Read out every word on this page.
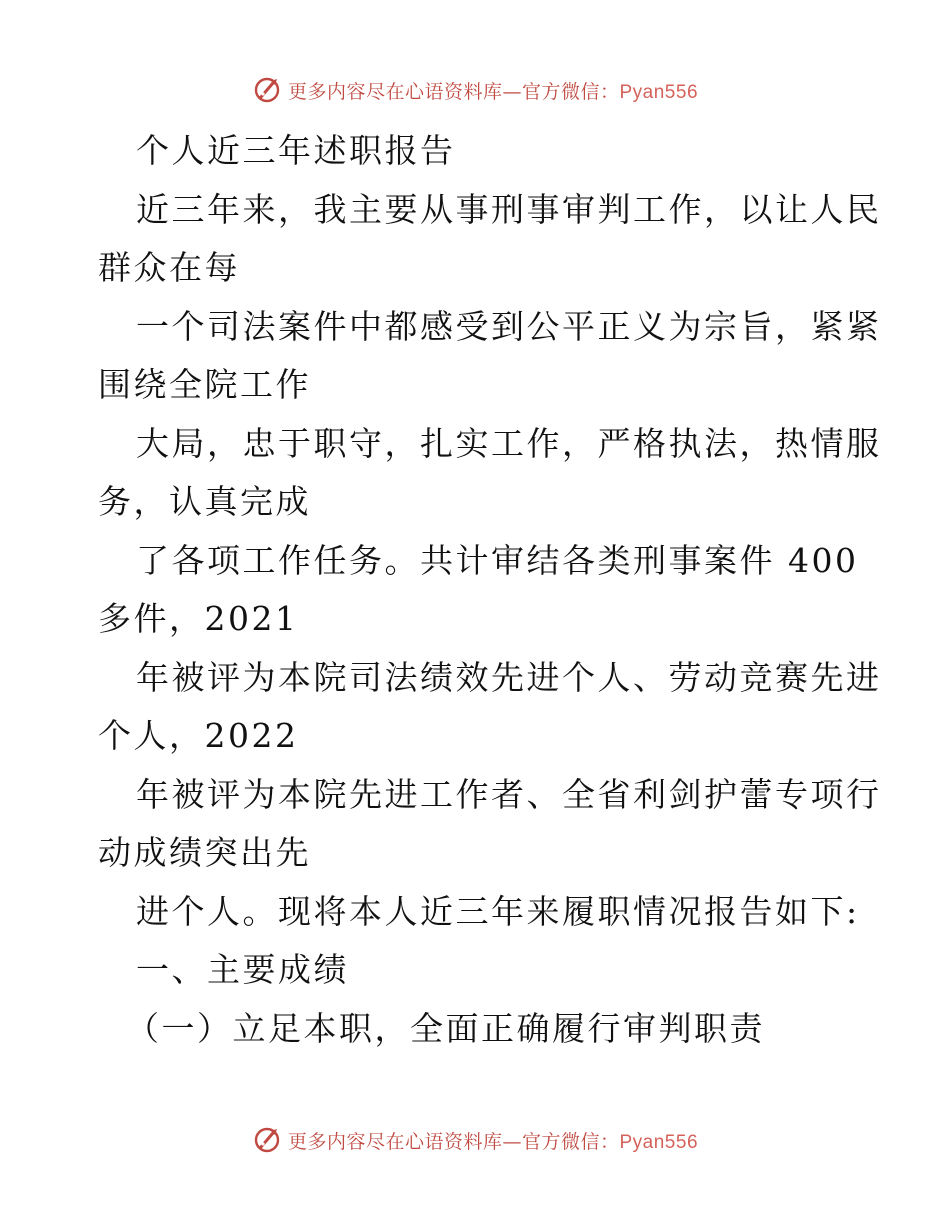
更多内容尽在心语资料库—官方微信：Pyan556
个人近三年述职报告
近三年来，我主要从事刑事审判工作，以让人民
群众在每
一个司法案件中都感受到公平正义为宗旨，紧紧
围绕全院工作
大局，忠于职守，扎实工作，严格执法，热情服
务，认真完成
了各项工作任务。共计审结各类刑事案件 400
多件，2021
年被评为本院司法绩效先进个人、劳动竞赛先进
个人，2022
年被评为本院先进工作者、全省利剑护蕾专项行
动成绩突出先
进个人。现将本人近三年来履职情况报告如下:
一、主要成绩
（一）立足本职，全面正确履行审判职责
更多内容尽在心语资料库—官方微信：Pyan556
